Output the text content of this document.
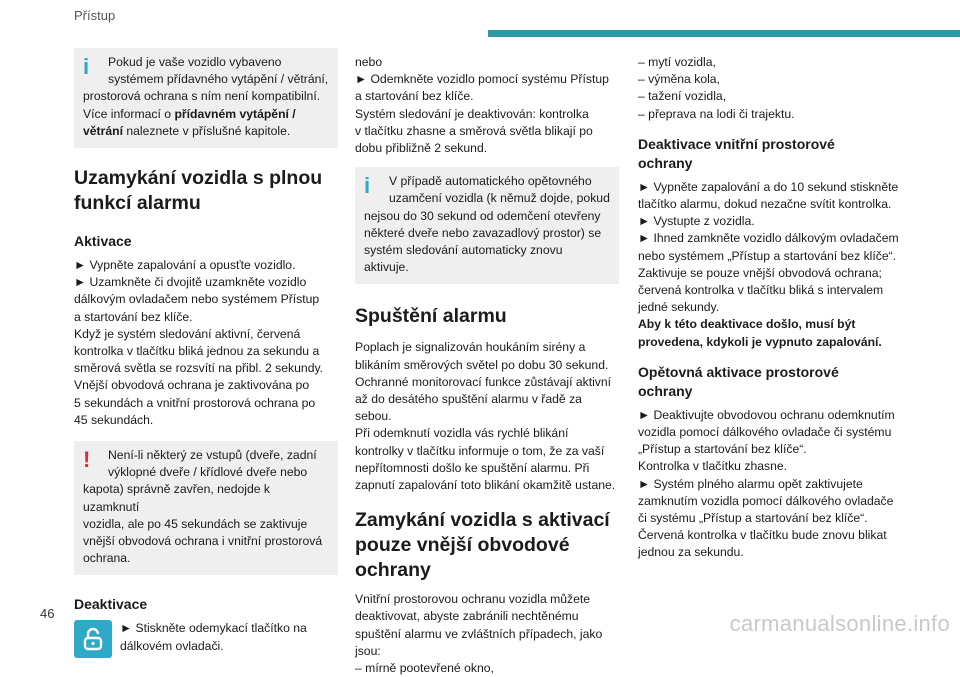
Přístup
i	Pokud je vaše vozidlo vybaveno

systémem přídavného vytápění / větrání,

prostorová ochrana s ním není kompatibilní.

Více informací o přídavném vytápění /

větrání naleznete v příslušné kapitole.

Uzamykání vozidla s plnou
funkcí alarmu
Aktivace

► Vypněte zapalování a opusťte vozidlo.

► Uzamkněte či dvojitě uzamkněte vozidlo

dálkovým ovladačem nebo systémem Přístup

a startování bez klíče.

Když je systém sledování aktivní, červená

kontrolka v tlačítku bliká jednou za sekundu a

směrová světla se rozsvítí na přibl. 2 sekundy.

Vnější obvodová ochrana je zaktivována po

5 sekundách a vnitřní prostorová ochrana po

45 sekundách.

!	Není-li některý ze vstupů (dveře, zadní

výklopné dveře / křídlové dveře nebo

kapota) správně zavřen, nedojde k uzamknutí

vozidla, ale po 45 sekundách se zaktivuje

vnější obvodová ochrana i vnitřní prostorová

ochrana.

Deaktivace

► Stiskněte odemykací tlačítko na

dálkovém ovladači.

nebo

► Odemkněte vozidlo pomocí systému Přístup

a startování bez klíče.

Systém sledování je deaktivován: kontrolka

v tlačítku zhasne a směrová světla blikají po

dobu přibližně 2 sekund.

i	V případě automatického opětovného

uzamčení vozidla (k němuž dojde, pokud

nejsou do 30 sekund od odemčení otevřeny

některé dveře nebo zavazadlový prostor) se

systém sledování automaticky znovu aktivuje.

Spuštění alarmu

Poplach je signalizován houkáním sirény a

blikáním směrových světel po dobu 30 sekund.

Ochranné monitorovací funkce zůstávají aktivní

až do desátého spuštění alarmu v řadě za

sebou.

Při odemknutí vozidla vás rychlé blikání

kontrolky v tlačítku informuje o tom, že za vaší

nepřítomnosti došlo ke spuštění alarmu. Při

zapnutí zapalování toto blikání okamžitě ustane.

Zamykání vozidla s aktivací
pouze vnější obvodové
ochrany

Vnitřní prostorovou ochranu vozidla můžete

deaktivovat, abyste zabránili nechtěnému

spuštění alarmu ve zvláštních případech, jako

jsou:

– mírně pootevřené okno,

– mytí vozidla,

– výměna kola,

– tažení vozidla,

– přeprava na lodi či trajektu.

Deaktivace vnitřní prostorové
ochrany

► Vypněte zapalování a do 10 sekund stiskněte

tlačítko alarmu, dokud nezačne svítit kontrolka.

► Vystupte z vozidla.

► Ihned zamkněte vozidlo dálkovým ovladačem

nebo systémem „Přístup a startování bez klíče“.

Zaktivuje se pouze vnější obvodová ochrana;

červená kontrolka v tlačítku bliká s intervalem

jedné sekundy.

Aby k této deaktivace došlo, musí být

provedena, kdykoli je vypnuto zapalování.

Opětovná aktivace prostorové
ochrany

► Deaktivujte obvodovou ochranu odemknutím

vozidla pomocí dálkového ovladače či systému

„Přístup a startování bez klíče“.

Kontrolka v tlačítku zhasne.

► Systém plného alarmu opět zaktivujete

zamknutím vozidla pomocí dálkového ovladače

či systému „Přístup a startování bez klíče“.

Červená kontrolka v tlačítku bude znovu blikat

jednou za sekundu.

46	carmanualsonline.info
